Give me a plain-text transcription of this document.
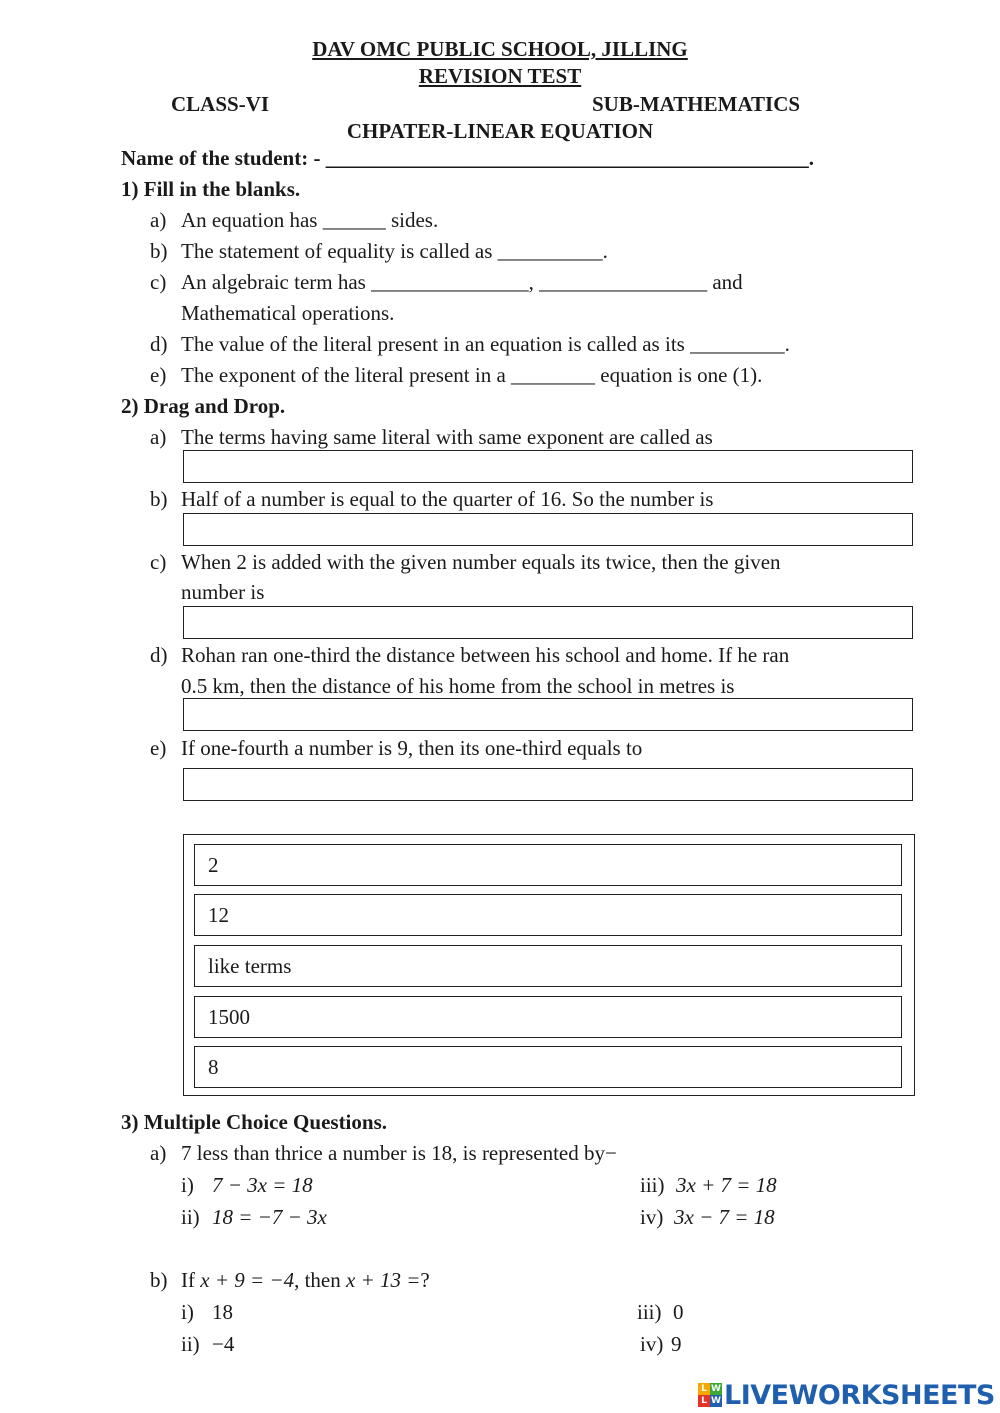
DAV OMC PUBLIC SCHOOL, JILLING
REVISION TEST
CLASS-VI	SUB-MATHEMATICS
CHPATER-LINEAR EQUATION
Name of the student: - ______________________________________________.
1) Fill in the blanks.
a) An equation has ______ sides.
b) The statement of equality is called as __________.
c) An algebraic term has _______________, ________________ and
Mathematical operations.
d) The value of the literal present in an equation is called as its _________.
e) The exponent of the literal present in a ________ equation is one (1).
2) Drag and Drop.
a) The terms having same literal with same exponent are called as
b) Half of a number is equal to the quarter of 16. So the number is
c) When 2 is added with the given number equals its twice, then the given
number is
d) Rohan ran one-third the distance between his school and home. If he ran
0.5 km, then the distance of his home from the school in metres is
e) If one-fourth a number is 9, then its one-third equals to
2
12
like terms
1500
8
3) Multiple Choice Questions.
a) 7 less than thrice a number is 18, is represented by−
i) 7 − 3x = 18
ii) 18 = −7 − 3x
iii) 3x + 7 = 18
iv) 3x − 7 = 18
b) If x + 9 = −4, then x + 13 =?
i) 18
ii) −4
iii) 0
iv) 9
L W
L W LIVEWORKSHEETS
